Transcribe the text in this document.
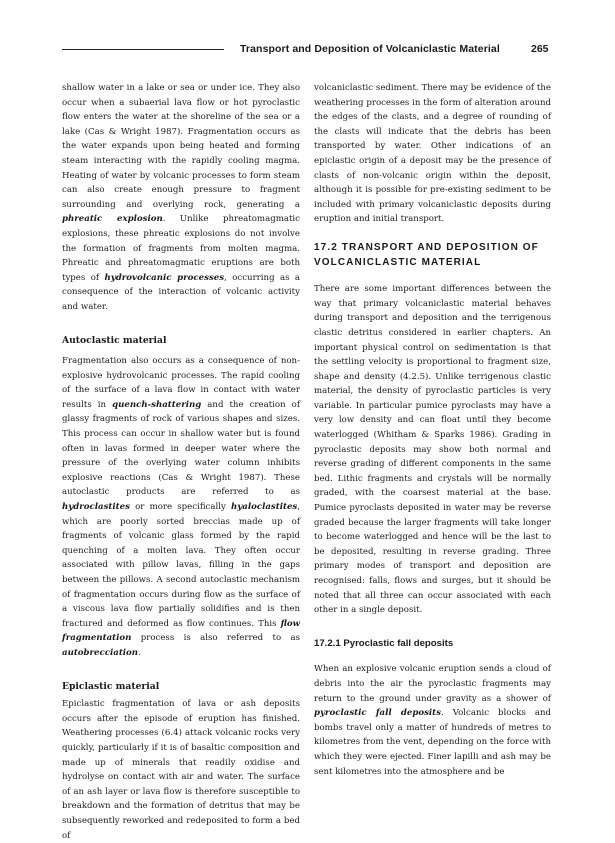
Transport and Deposition of Volcaniclastic Material	265

shallow water in a lake or sea or under ice. They also occur when a subaerial lava flow or hot pyroclastic flow enters the water at the shoreline of the sea or a lake (Cas & Wright 1987). Fragmentation occurs as the water expands upon being heated and forming steam interacting with the rapidly cooling magma. Heating of water by volcanic processes to form steam can also create enough pressure to fragment surrounding and overlying rock, generating a phreatic explosion. Unlike phreatomagmatic explosions, these phreatic explosions do not involve the formation of fragments from molten magma. Phreatic and phreatomagmatic eruptions are both types of hydrovolcanic processes, occurring as a consequence of the interaction of volcanic activity and water.

Autoclastic material

Fragmentation also occurs as a consequence of non-explosive hydrovolcanic processes. The rapid cooling of the surface of a lava flow in contact with water results in quench-shattering and the creation of glassy fragments of rock of various shapes and sizes. This process can occur in shallow water but is found often in lavas formed in deeper water where the pressure of the overlying water column inhibits explosive reactions (Cas & Wright 1987). These autoclastic products are referred to as hydroclastites or more specifically hyaloclastites, which are poorly sorted breccias made up of fragments of volcanic glass formed by the rapid quenching of a molten lava. They often occur associated with pillow lavas, filling in the gaps between the pillows. A second autoclastic mechanism of fragmentation occurs during flow as the surface of a viscous lava flow partially solidifies and is then fractured and deformed as flow continues. This flow fragmentation process is also referred to as autobrecciation.

Epiclastic material

Epiclastic fragmentation of lava or ash deposits occurs after the episode of eruption has finished. Weathering processes (6.4) attack volcanic rocks very quickly, particularly if it is of basaltic composition and made up of minerals that readily oxidise and hydrolyse on contact with air and water. The surface of an ash layer or lava flow is therefore susceptible to breakdown and the formation of detritus that may be subsequently reworked and redeposited to form a bed of

volcaniclastic sediment. There may be evidence of the weathering processes in the form of alteration around the edges of the clasts, and a degree of rounding of the clasts will indicate that the debris has been transported by water. Other indications of an epiclastic origin of a deposit may be the presence of clasts of non-volcanic origin within the deposit, although it is possible for pre-existing sediment to be included with primary volcaniclastic deposits during eruption and initial transport.

17.2 TRANSPORT AND DEPOSITION OF VOLCANICLASTIC MATERIAL

There are some important differences between the way that primary volcaniclastic material behaves during transport and deposition and the terrigenous clastic detritus considered in earlier chapters. An important physical control on sedimentation is that the settling velocity is proportional to fragment size, shape and density (4.2.5). Unlike terrigenous clastic material, the density of pyroclastic particles is very variable. In particular pumice pyroclasts may have a very low density and can float until they become waterlogged (Whitham & Sparks 1986). Grading in pyroclastic deposits may show both normal and reverse grading of different components in the same bed. Lithic fragments and crystals will be normally graded, with the coarsest material at the base. Pumice pyroclasts deposited in water may be reverse graded because the larger fragments will take longer to become waterlogged and hence will be the last to be deposited, resulting in reverse grading. Three primary modes of transport and deposition are recognised: falls, flows and surges, but it should be noted that all three can occur associated with each other in a single deposit.

17.2.1 Pyroclastic fall deposits

When an explosive volcanic eruption sends a cloud of debris into the air the pyroclastic fragments may return to the ground under gravity as a shower of pyroclastic fall deposits. Volcanic blocks and bombs travel only a matter of hundreds of metres to kilometres from the vent, depending on the force with which they were ejected. Finer lapilli and ash may be sent kilometres into the atmosphere and be
